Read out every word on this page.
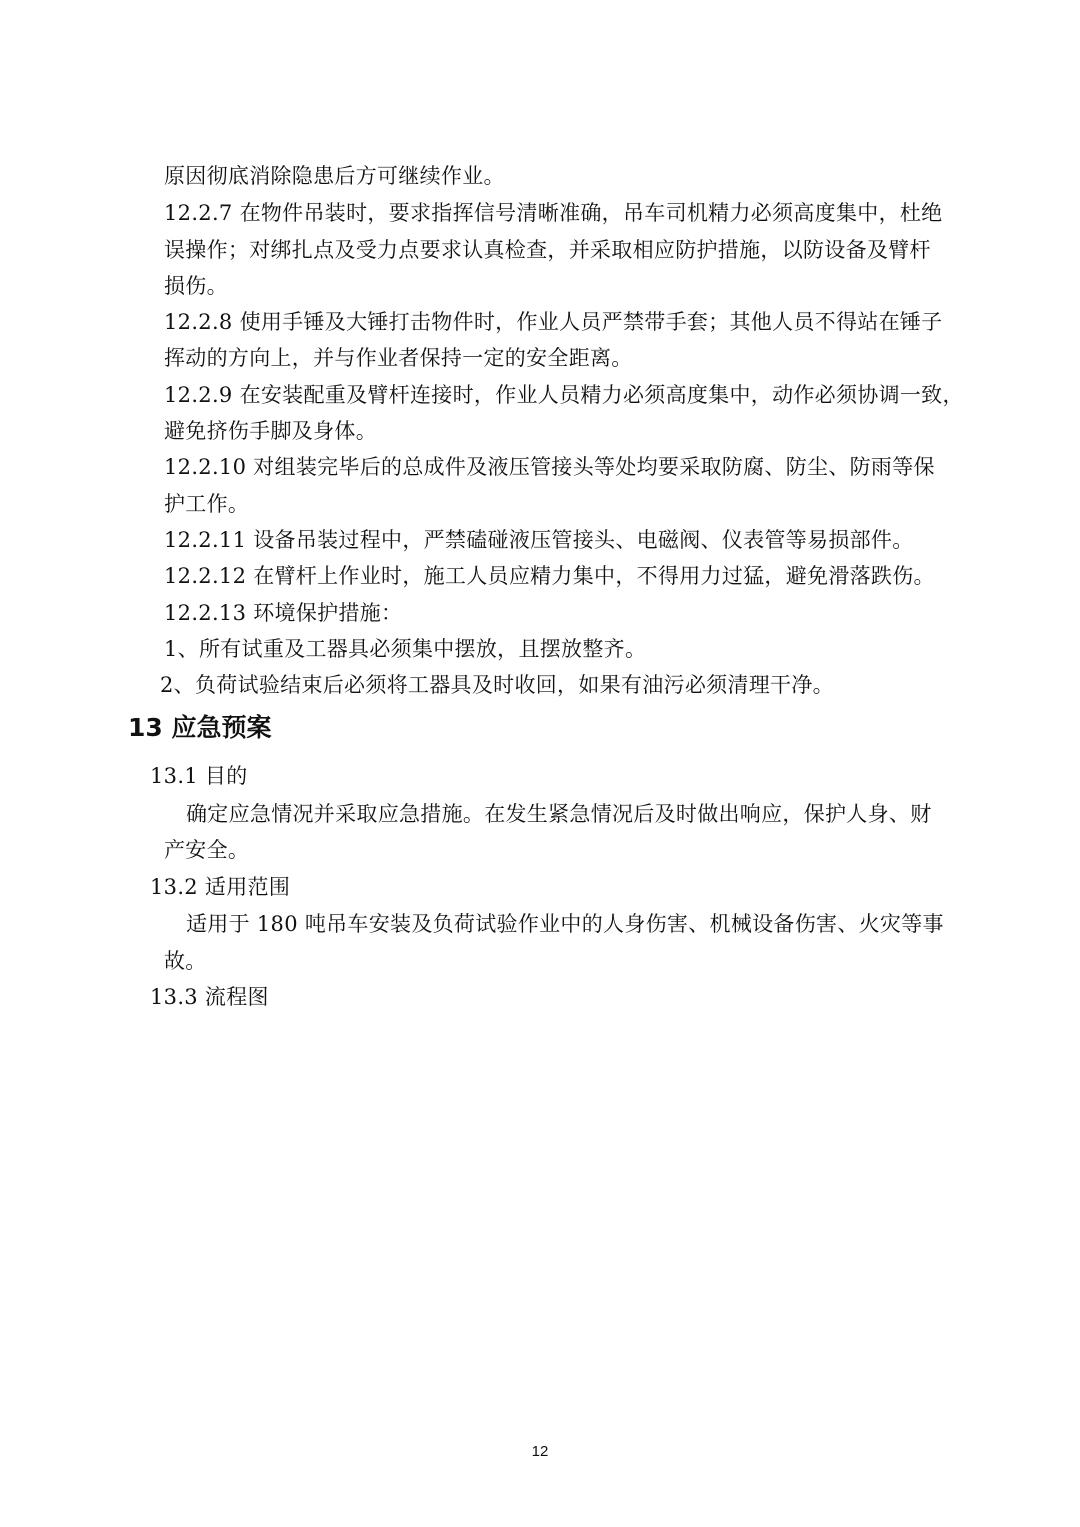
原因彻底消除隐患后方可继续作业。
12.2.7 在物件吊装时，要求指挥信号清晰准确，吊车司机精力必须高度集中，杜绝
误操作；对绑扎点及受力点要求认真检查，并采取相应防护措施，以防设备及臂杆
损伤。
12.2.8 使用手锤及大锤打击物件时，作业人员严禁带手套；其他人员不得站在锤子
挥动的方向上，并与作业者保持一定的安全距离。
12.2.9 在安装配重及臂杆连接时，作业人员精力必须高度集中，动作必须协调一致，
避免挤伤手脚及身体。
12.2.10 对组装完毕后的总成件及液压管接头等处均要采取防腐、防尘、防雨等保
护工作。
12.2.11 设备吊装过程中，严禁磕碰液压管接头、电磁阀、仪表管等易损部件。
12.2.12 在臂杆上作业时，施工人员应精力集中，不得用力过猛，避免滑落跌伤。
12.2.13 环境保护措施：
1、所有试重及工器具必须集中摆放，且摆放整齐。
2、负荷试验结束后必须将工器具及时收回，如果有油污必须清理干净。
13 应急预案
13.1 目的
确定应急情况并采取应急措施。在发生紧急情况后及时做出响应，保护人身、财
产安全。
13.2 适用范围
适用于 180 吨吊车安装及负荷试验作业中的人身伤害、机械设备伤害、火灾等事
故。
13.3 流程图
12
